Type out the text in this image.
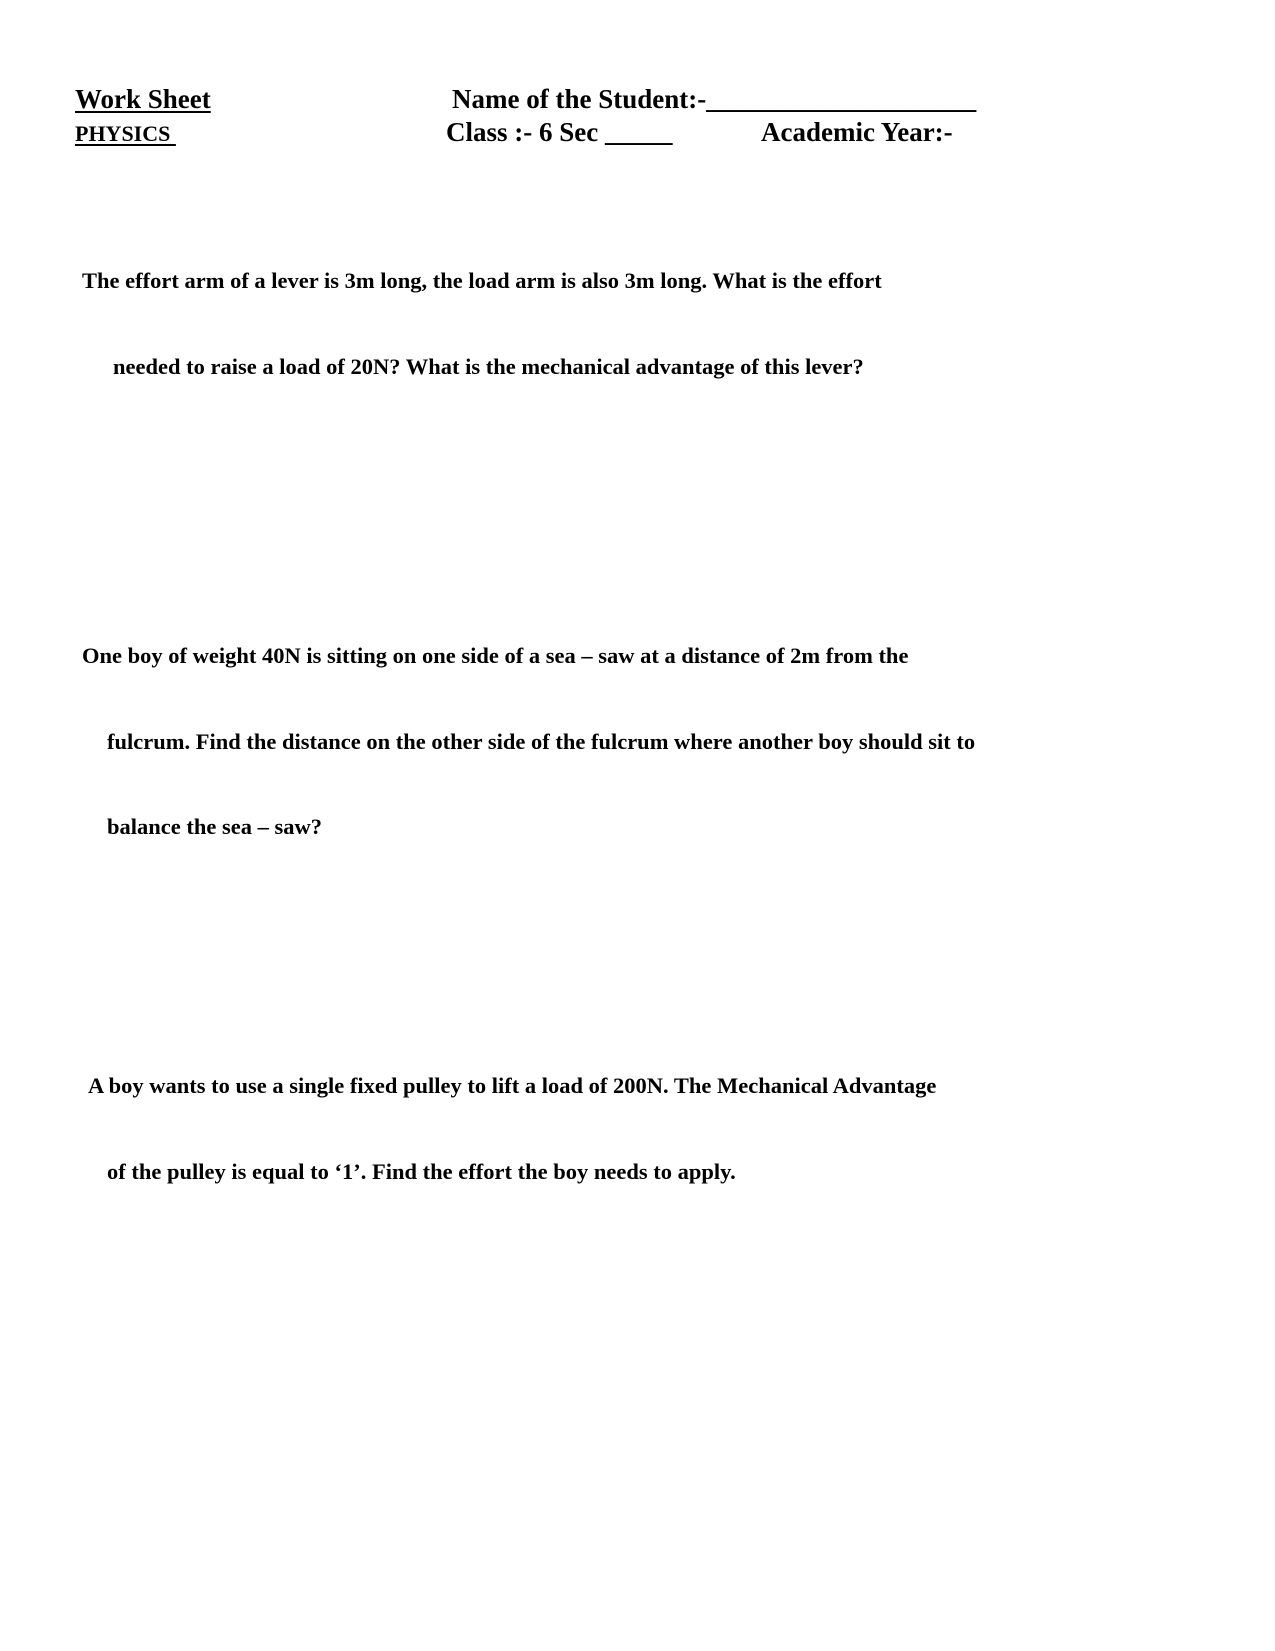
Work Sheet
PHYSICS
Name of the Student:-____________________
Class :- 6 Sec _____	Academic Year:-

The effort arm of a lever is 3m long, the load arm is also 3m long. What is the effort

needed to raise a load of 20N? What is the mechanical advantage of this lever?

One boy of weight 40N is sitting on one side of a sea – saw at a distance of 2m from the

fulcrum. Find the distance on the other side of the fulcrum where another boy should sit to

balance the sea – saw?

A boy wants to use a single fixed pulley to lift a load of 200N. The Mechanical Advantage

of the pulley is equal to ‘1’. Find the effort the boy needs to apply.
